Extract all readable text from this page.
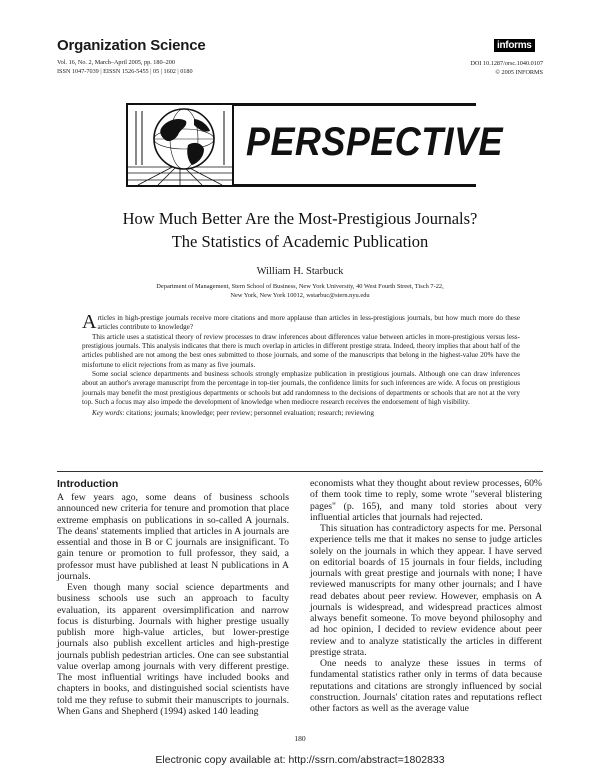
Organization Science
Vol. 16, No. 2, March–April 2005, pp. 180–200
ISSN 1047-7039 | EISSN 1526-5455 | 05 | 1602 | 0180
informs
DOI 10.1287/orsc.1040.0107
© 2005 INFORMS
PERSPECTIVE
How Much Better Are the Most-Prestigious Journals?
The Statistics of Academic Publication
William H. Starbuck
Department of Management, Stern School of Business, New York University, 40 West Fourth Street, Tisch 7-22,
New York, New York 10012, wstarbuc@stern.nyu.edu

Articles in high-prestige journals receive more citations and more applause than articles in less-prestigious journals, but how much more do these articles contribute to knowledge?

This article uses a statistical theory of review processes to draw inferences about differences value between articles in more-prestigious versus less-prestigious journals. This analysis indicates that there is much overlap in articles in different prestige strata. Indeed, theory implies that about half of the articles published are not among the best ones submitted to those journals, and some of the manuscripts that belong in the highest-value 20% have the misfortune to elicit rejections from as many as five journals.

Some social science departments and business schools strongly emphasize publication in prestigious journals. Although one can draw inferences about an author's average manuscript from the percentage in top-tier journals, the confidence limits for such inferences are wide. A focus on prestigious journals may benefit the most prestigious departments or schools but add randomness to the decisions of departments or schools that are not at the very top. Such a focus may also impede the development of knowledge when mediocre research receives the endorsement of high visibility.

Key words: citations; journals; knowledge; peer review; personnel evaluation; research; reviewing

Introduction

A few years ago, some deans of business schools announced new criteria for tenure and promotion that place extreme emphasis on publications in so-called A journals. The deans' statements implied that articles in A journals are essential and those in B or C journals are insignificant. To gain tenure or promotion to full professor, they said, a professor must have published at least N publications in A journals.

Even though many social science departments and business schools use such an approach to faculty evaluation, its apparent oversimplification and narrow focus is disturbing. Journals with higher prestige usually publish more high-value articles, but lower-prestige journals also publish excellent articles and high-prestige journals publish pedestrian articles. One can see substantial value overlap among journals with very different prestige. The most influential writings have included books and chapters in books, and distinguished social scientists have told me they refuse to submit their manuscripts to journals. When Gans and Shepherd (1994) asked 140 leading

economists what they thought about review processes, 60% of them took time to reply, some wrote "several blistering pages" (p. 165), and many told stories about very influential articles that journals had rejected.

This situation has contradictory aspects for me. Personal experience tells me that it makes no sense to judge articles solely on the journals in which they appear. I have served on editorial boards of 15 journals in four fields, including journals with great prestige and journals with none; I have reviewed manuscripts for many other journals; and I have read debates about peer review. However, emphasis on A journals is widespread, and widespread practices almost always benefit someone. To move beyond philosophy and ad hoc opinion, I decided to review evidence about peer review and to analyze statistically the articles in different prestige strata.

One needs to analyze these issues in terms of fundamental statistics rather only in terms of data because reputations and citations are strongly influenced by social construction. Journals' citation rates and reputations reflect other factors as well as the average value

180
Electronic copy available at: http://ssrn.com/abstract=1802833
